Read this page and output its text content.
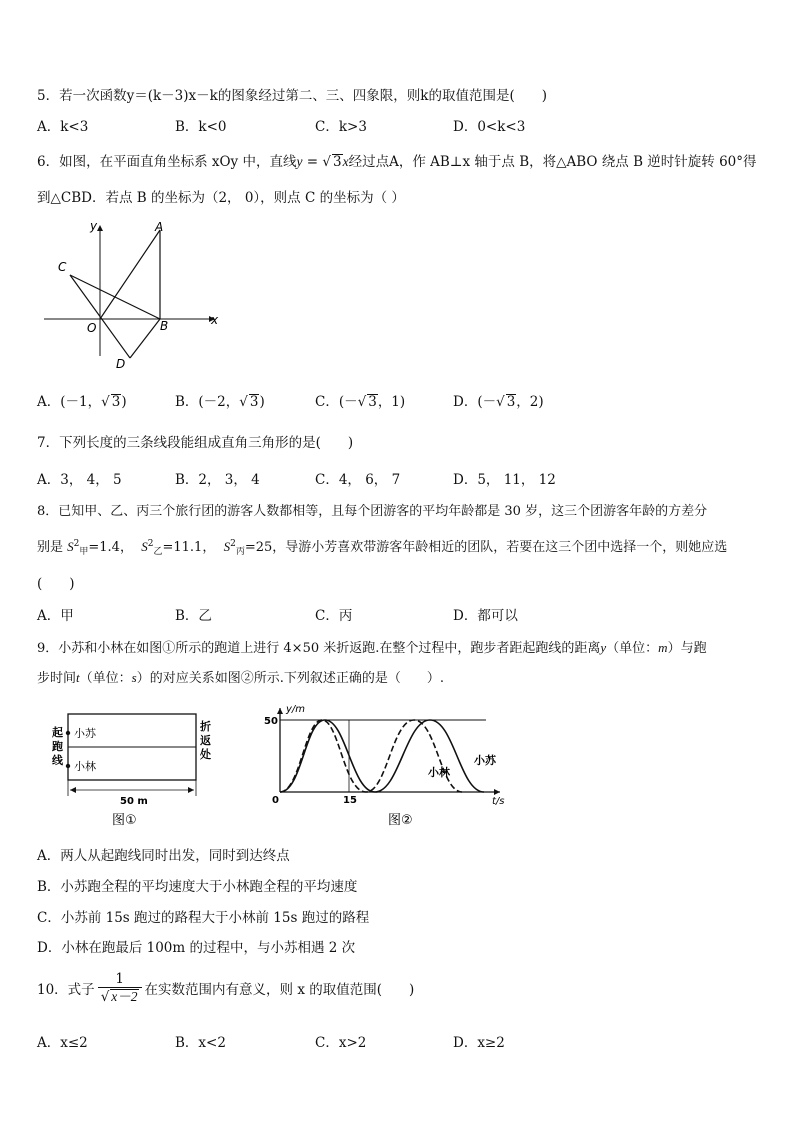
5．若一次函数y＝(k－3)x－k的图象经过第二、三、四象限，则k的取值范围是(　　)
A．k<3	B．k<0	C．k>3	D．0<k<3
6．如图，在平面直角坐标系 xOy 中，直线y = √ 3x经过点A，作 AB⊥x 轴于点 B，将△ABO 绕点 B 逆时针旋转 60°得
到△CBD．若点 B 的坐标为（2， 0），则点 C 的坐标为（ ）
A
B
C
D
O
y
x
A．(－1，√ 3)	B．(－2，√ 3)	C．(－√ 3，1)	D．(－√ 3，2)
7．下列长度的三条线段能组成直角三角形的是(　　)
A．3， 4， 5	B．2， 3， 4	C．4， 6， 7	D．5， 11， 12
8．已知甲、乙、丙三个旅行团的游客人数都相等，且每个团游客的平均年龄都是 30 岁，这三个团游客年龄的方差分
别是 $S^2_甲=1.4$， $S^2_乙=11.1$， $S^2_丙=25$，导游小芳喜欢带游客年龄相近的团队，若要在这三个团中选择一个，则她应选
(　　)
A．甲	B．乙	C．丙	D．都可以
9．小苏和小林在如图①所示的跑道上进行 4×50 米折返跑.在整个过程中，跑步者距起跑线的距离y（单位：m）与跑
步时间t（单位：s）的对应关系如图②所示.下列叙述正确的是（　　）.
小苏
小林
起
跑
线
折
返
处
50 m
图①
y/m
t/s
50
15
0
小苏
小林
图②
A．两人从起跑线同时出发，同时到达终点
B．小苏跑全程的平均速度大于小林跑全程的平均速度
C．小苏前 15s 跑过的路程大于小林前 15s 跑过的路程
D．小林在跑最后 100m 的过程中，与小苏相遇 2 次
10．式子 $\frac{1}{√ x-2}$ 在实数范围内有意义，则 x 的取值范围(　　)
A．x≤2	B．x<2	C．x>2	D．x≥2
